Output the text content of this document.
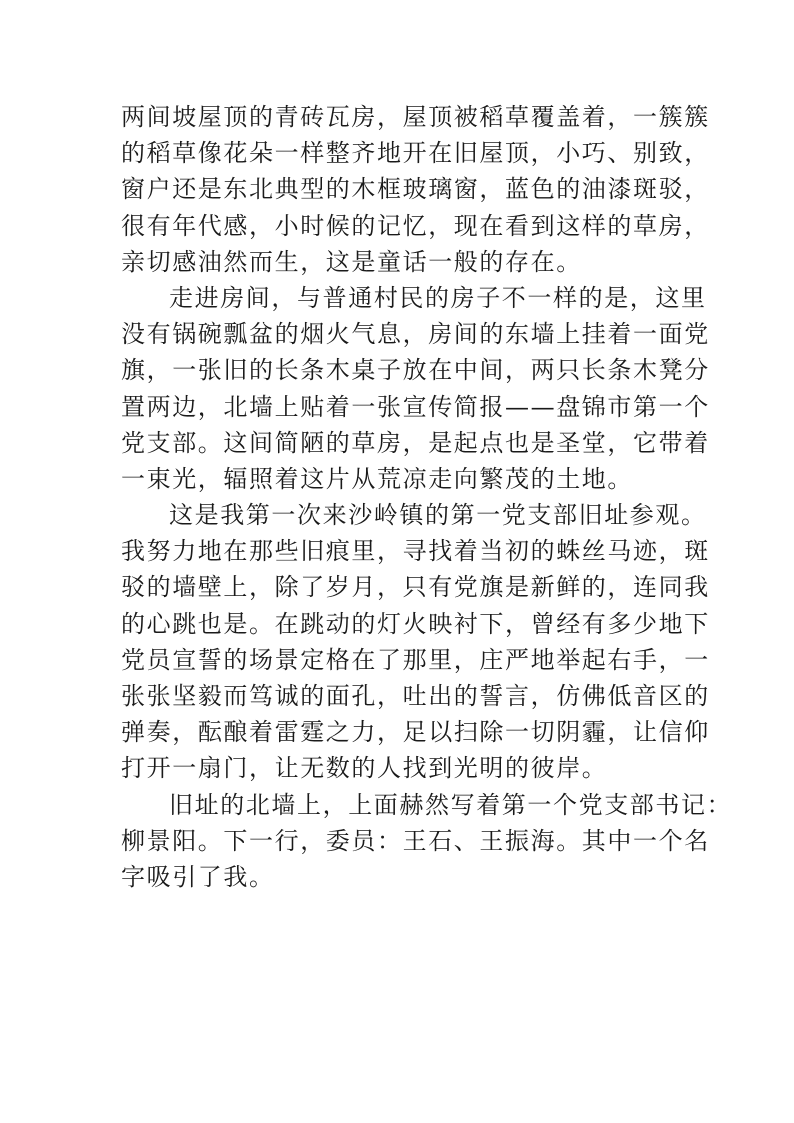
两间坡屋顶的青砖瓦房，屋顶被稻草覆盖着，一簇簇
的稻草像花朵一样整齐地开在旧屋顶，小巧、别致，
窗户还是东北典型的木框玻璃窗，蓝色的油漆斑驳，
很有年代感，小时候的记忆，现在看到这样的草房，
亲切感油然而生，这是童话一般的存在。
走进房间，与普通村民的房子不一样的是，这里
没有锅碗瓢盆的烟火气息，房间的东墙上挂着一面党
旗，一张旧的长条木桌子放在中间，两只长条木凳分
置两边，北墙上贴着一张宣传简报——盘锦市第一个
党支部。这间简陋的草房，是起点也是圣堂，它带着
一束光，辐照着这片从荒凉走向繁茂的土地。
这是我第一次来沙岭镇的第一党支部旧址参观。
我努力地在那些旧痕里，寻找着当初的蛛丝马迹，斑
驳的墙壁上，除了岁月，只有党旗是新鲜的，连同我
的心跳也是。在跳动的灯火映衬下，曾经有多少地下
党员宣誓的场景定格在了那里，庄严地举起右手，一
张张坚毅而笃诚的面孔，吐出的誓言，仿佛低音区的
弹奏，酝酿着雷霆之力，足以扫除一切阴霾，让信仰
打开一扇门，让无数的人找到光明的彼岸。
旧址的北墙上，上面赫然写着第一个党支部书记：
柳景阳。下一行，委员：王石、王振海。其中一个名
字吸引了我。
